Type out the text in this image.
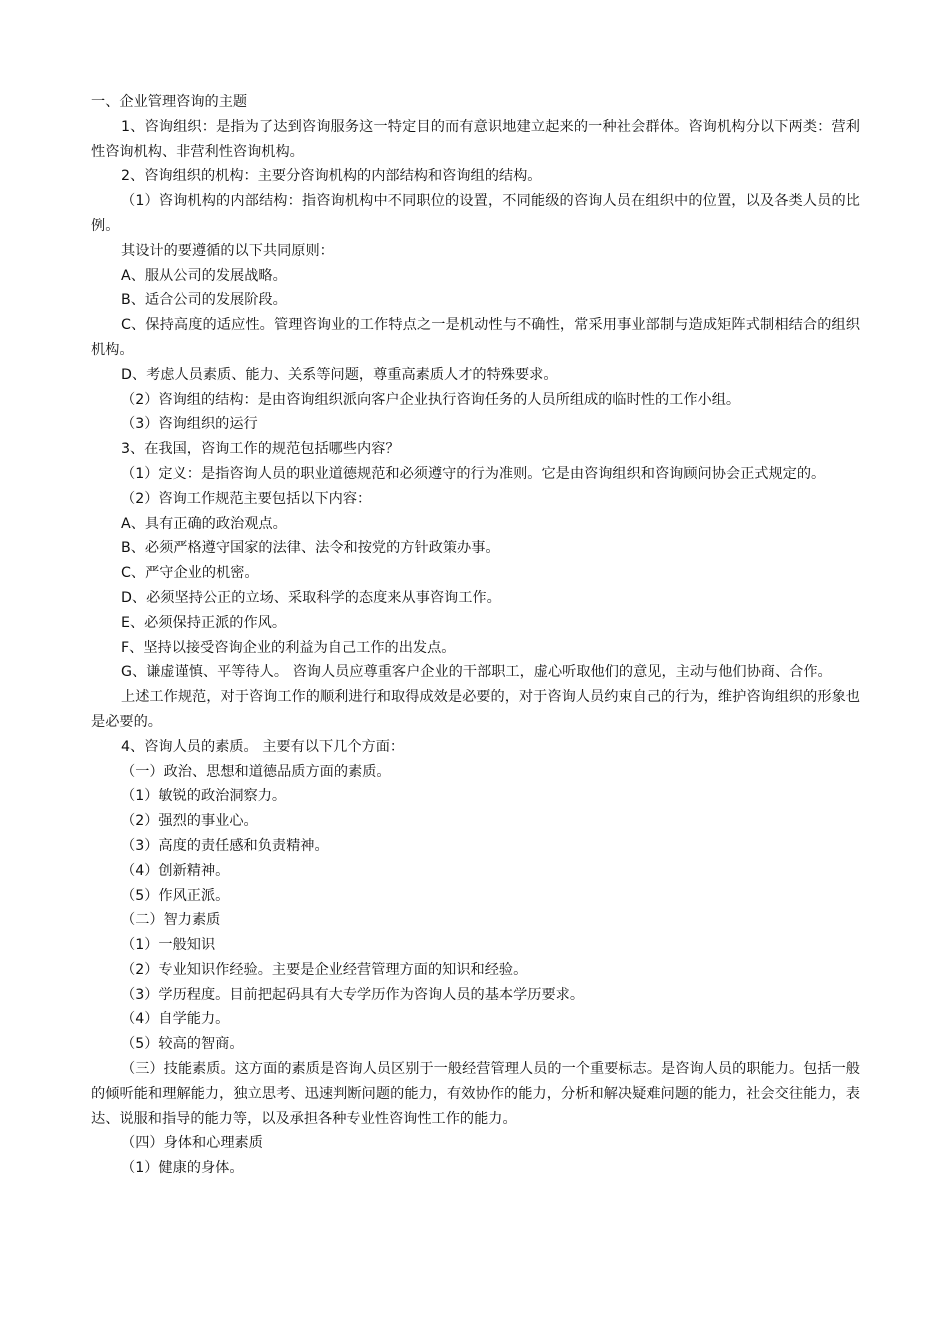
一、企业管理咨询的主题
1、咨询组织：是指为了达到咨询服务这一特定目的而有意识地建立起来的一种社会群体。咨询机构分以下两类：营利性咨询机构、非营利性咨询机构。
2、咨询组织的机构：主要分咨询机构的内部结构和咨询组的结构。
（1）咨询机构的内部结构：指咨询机构中不同职位的设置，不同能级的咨询人员在组织中的位置，以及各类人员的比例。
其设计的要遵循的以下共同原则：
A、服从公司的发展战略。
B、适合公司的发展阶段。
C、保持高度的适应性。管理咨询业的工作特点之一是机动性与不确性，常采用事业部制与造成矩阵式制相结合的组织机构。
D、考虑人员素质、能力、关系等问题，尊重高素质人才的特殊要求。
（2）咨询组的结构：是由咨询组织派向客户企业执行咨询任务的人员所组成的临时性的工作小组。
（3）咨询组织的运行
3、在我国，咨询工作的规范包括哪些内容？
（1）定义：是指咨询人员的职业道德规范和必须遵守的行为准则。它是由咨询组织和咨询顾问协会正式规定的。
（2）咨询工作规范主要包括以下内容：
A、具有正确的政治观点。
B、必须严格遵守国家的法律、法令和按党的方针政策办事。
C、严守企业的机密。
D、必须坚持公正的立场、采取科学的态度来从事咨询工作。
E、必须保持正派的作风。
F、坚持以接受咨询企业的利益为自己工作的出发点。
G、谦虚谨慎、平等待人。 咨询人员应尊重客户企业的干部职工，虚心听取他们的意见，主动与他们协商、合作。
上述工作规范，对于咨询工作的顺利进行和取得成效是必要的，对于咨询人员约束自己的行为，维护咨询组织的形象也是必要的。
4、咨询人员的素质。 主要有以下几个方面：
（一）政治、思想和道德品质方面的素质。
（1）敏锐的政治洞察力。
（2）强烈的事业心。
（3）高度的责任感和负责精神。
（4）创新精神。
（5）作风正派。
（二）智力素质
（1）一般知识
（2）专业知识作经验。主要是企业经营管理方面的知识和经验。
（3）学历程度。目前把起码具有大专学历作为咨询人员的基本学历要求。
（4）自学能力。
（5）较高的智商。
（三）技能素质。这方面的素质是咨询人员区别于一般经营管理人员的一个重要标志。是咨询人员的职能力。包括一般的倾听能和理解能力，独立思考、迅速判断问题的能力，有效协作的能力，分析和解决疑难问题的能力，社会交往能力，表达、说服和指导的能力等，以及承担各种专业性咨询性工作的能力。
（四）身体和心理素质
（1）健康的身体。
